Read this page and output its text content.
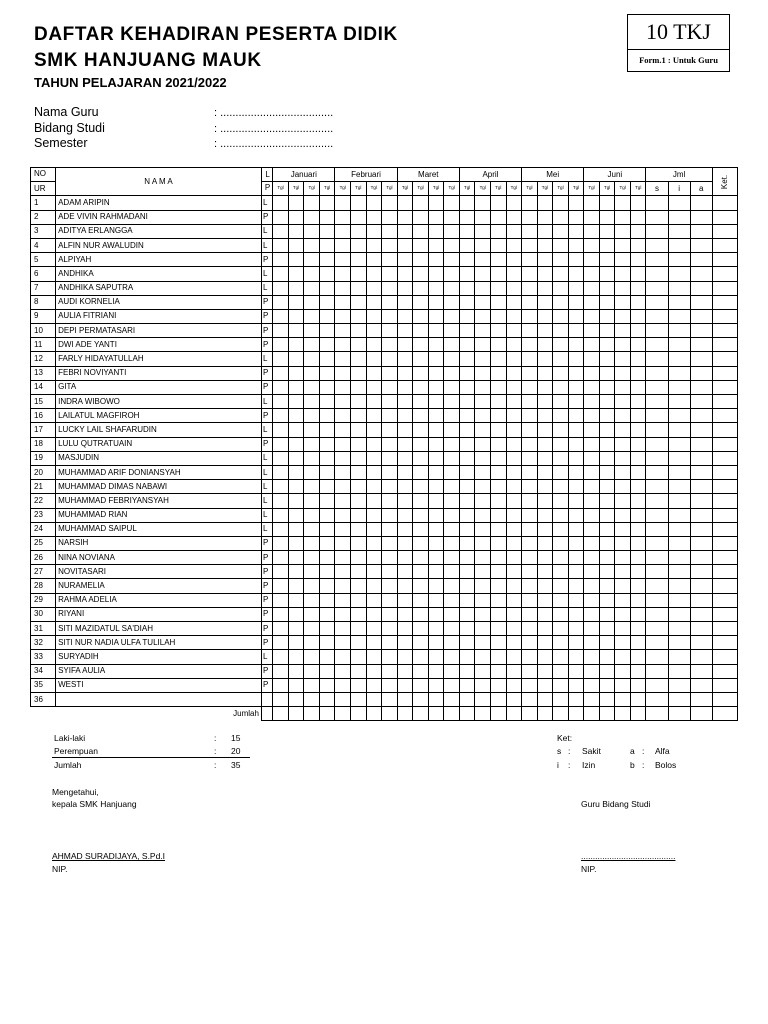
DAFTAR KEHADIRAN PESERTA DIDIK
SMK HANJUANG MAUK
TAHUN PELAJARAN 2021/2022
10 TKJ
Form.1 : Untuk Guru
Nama Guru	: .....................................
Bidang Studi	: .....................................
Semester	: .....................................
NO	N A M A	L	Januari				Februari				Maret				April				Mei				Juni				Jml			Ket.
			Tgl	Tgl	Tgl	Tgl	Tgl	Tgl	Tgl	Tgl	Tgl	Tgl	Tgl	Tgl	Tgl	Tgl	Tgl	Tgl	Tgl	Tgl	Tgl	Tgl	Tgl	Tgl	Tgl	Tgl	s	i	a	
UR		P																												
1	ADAM ARIPIN	L																												
2	ADE VIVIN RAHMADANI	P																												
3	ADITYA ERLANGGA	L																												
4	ALFIN NUR AWALUDIN	L																												
5	ALPIYAH	P																												
6	ANDHIKA	L																												
7	ANDHIKA SAPUTRA	L																												
8	AUDI KORNELIA	P																												
9	AULIA FITRIANI	P																												
10	DEPI PERMATASARI	P																												
11	DWI ADE YANTI	P																												
12	FARLY HIDAYATULLAH	L																												
13	FEBRI NOVIYANTI	P																												
14	GITA	P																												
15	INDRA WIBOWO	L																												
16	LAILATUL MAGFIROH	P																												
17	LUCKY LAIL SHAFARUDIN	L																												
18	LULU QUTRATUAIN	P																												
19	MASJUDIN	L																												
20	MUHAMMAD ARIF DONIANSYAH	L																												
21	MUHAMMAD DIMAS NABAWI	L																												
22	MUHAMMAD FEBRIYANSYAH	L																												
23	MUHAMMAD RIAN	L																												
24	MUHAMMAD SAIPUL	L																												
25	NARSIH	P																												
26	NINA NOVIANA	P																												
27	NOVITASARI	P																												
28	NURAMELIA	P																												
29	RAHMA ADELIA	P																												
30	RIYANI	P																												
31	SITI MAZIDATUL SA'DIAH	P																												
32	SITI NUR NADIA ULFA TULILAH	P																												
33	SURYADIH	L																												
34	SYIFA AULIA	P																												
35	WESTI	P																												
36																														
Jumlah																														
Laki-laki	: 15
Perempuan	: 20
Jumlah	: 35
Ket:
s : Sakit	a : Alfa
i : Izin	b : Bolos
Mengetahui,
kepala SMK Hanjuang	Guru Bidang Studi
AHMAD SURADIJAYA, S.Pd.I
NIP.
........................................
NIP.
